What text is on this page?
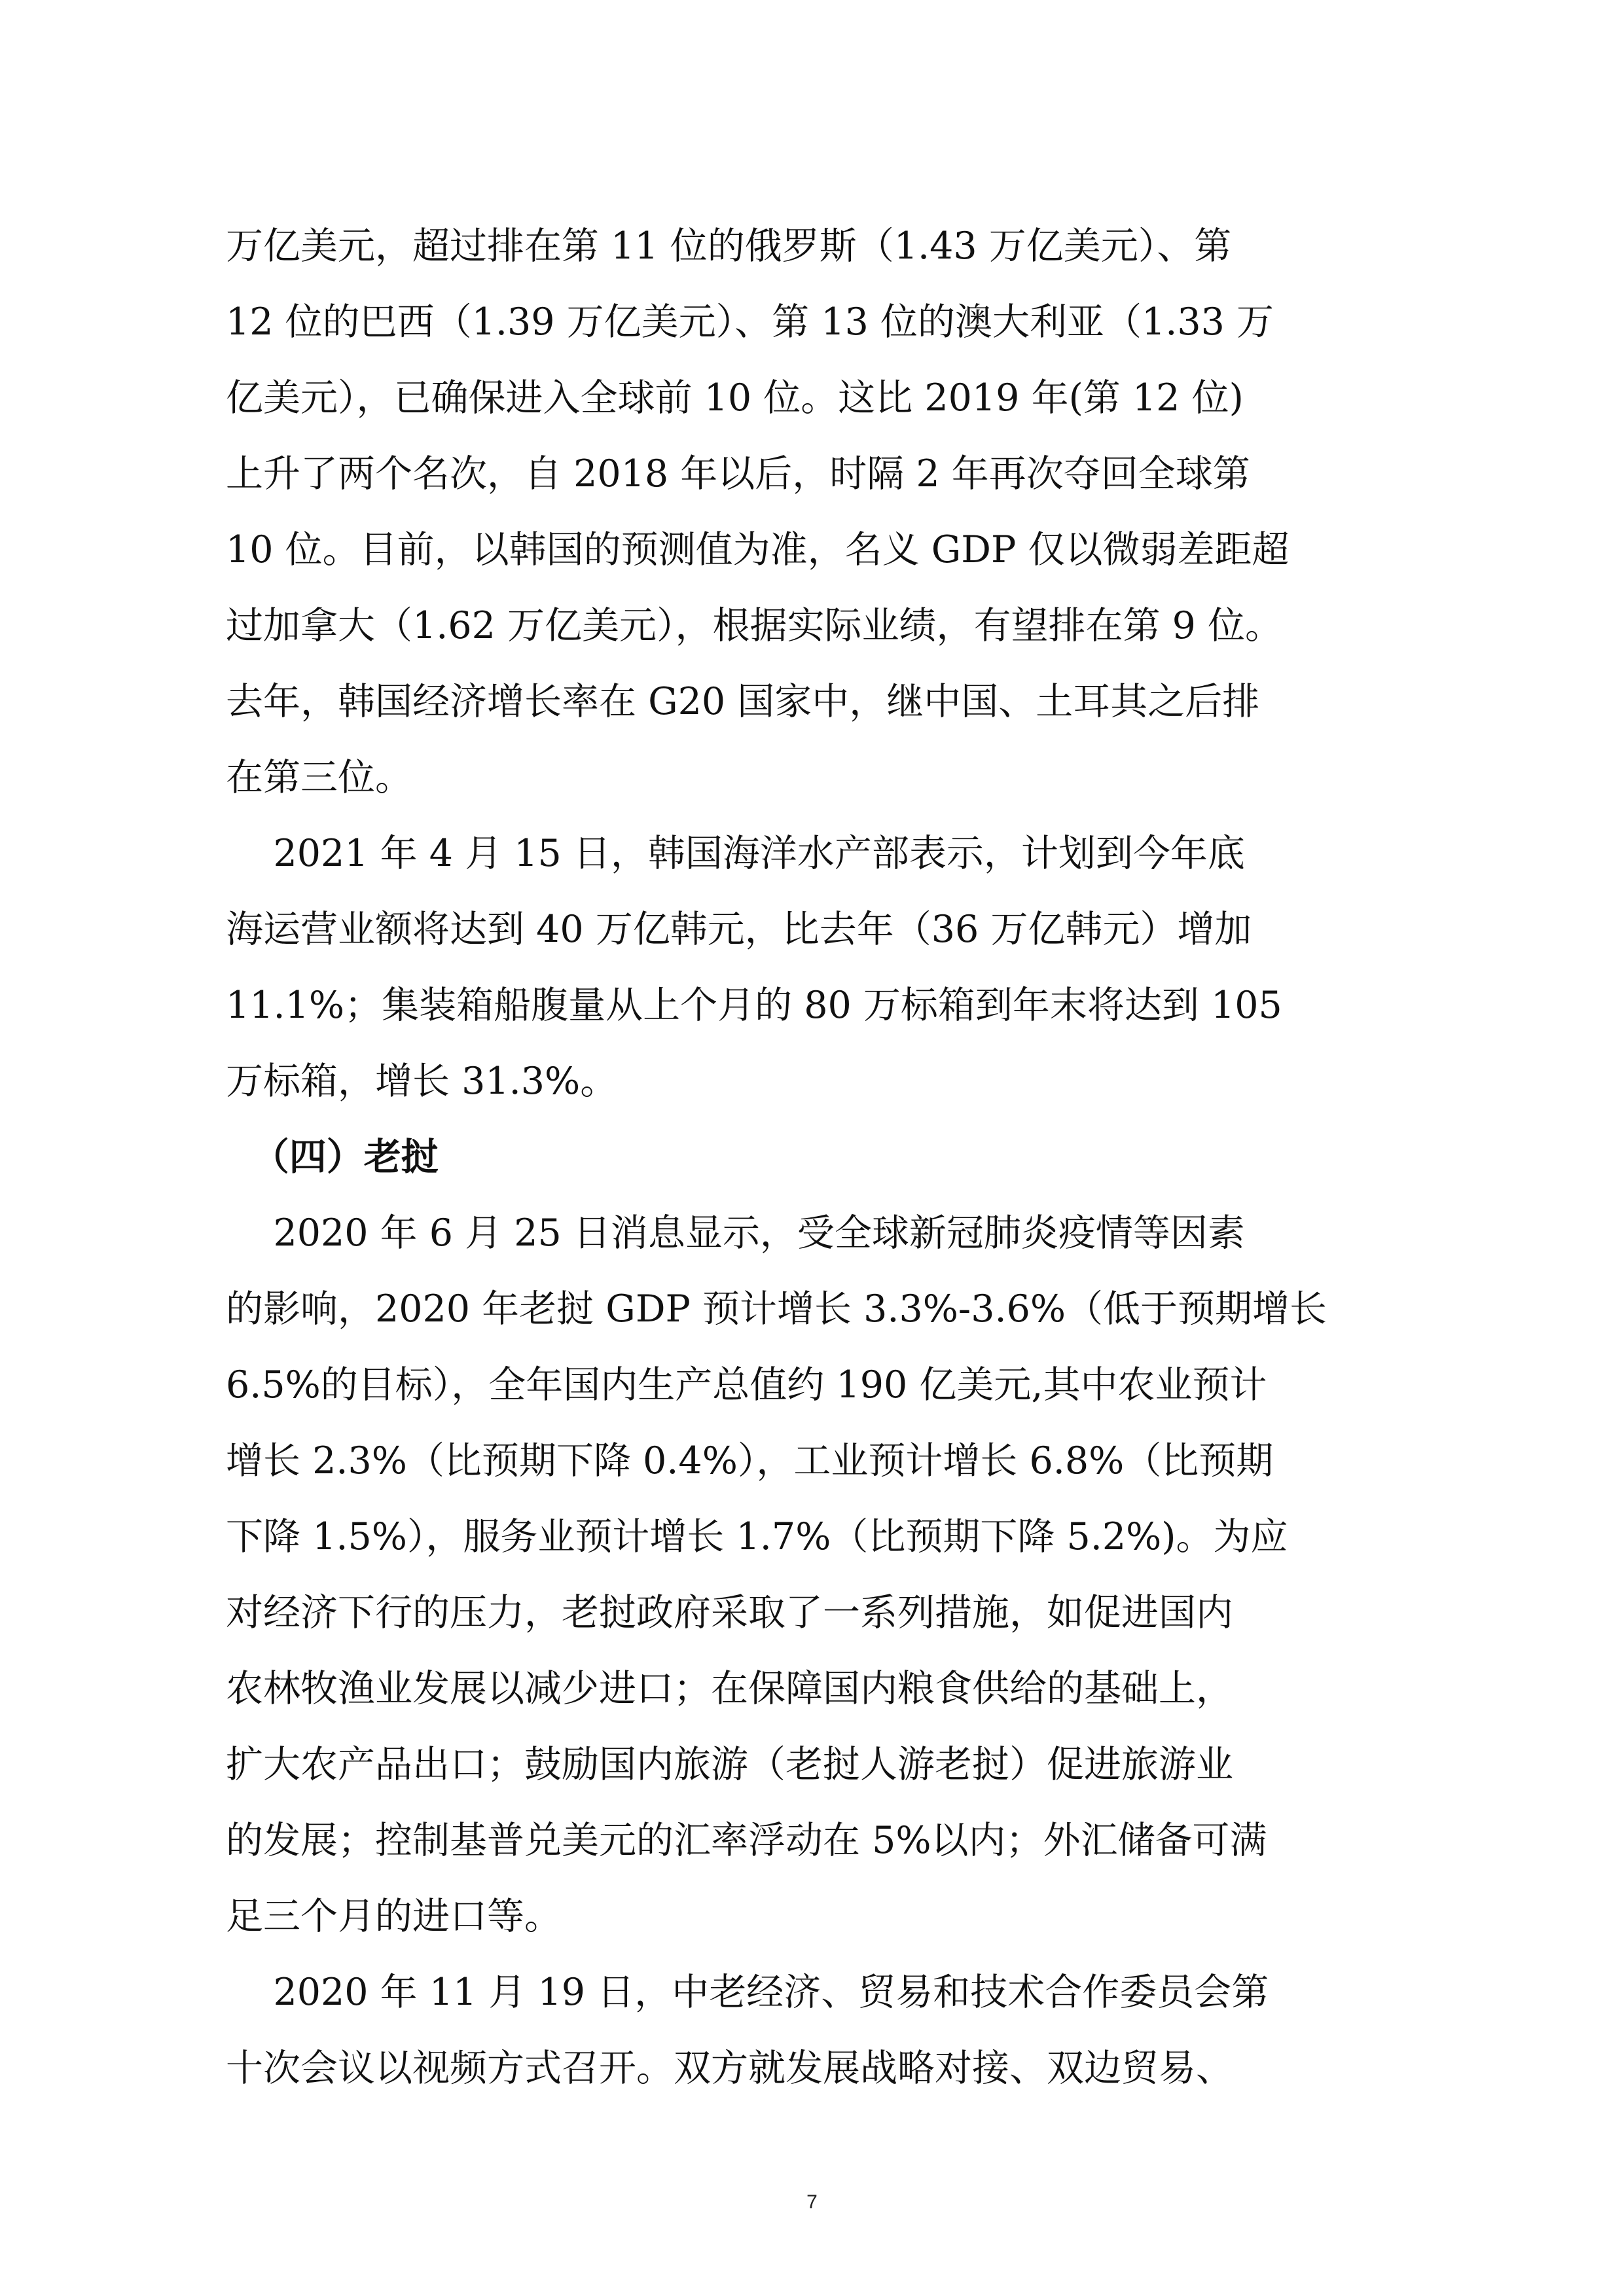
万亿美元，超过排在第 11 位的俄罗斯（1.43 万亿美元）、第
12 位的巴西（1.39 万亿美元）、第 13 位的澳大利亚（1.33 万
亿美元），已确保进入全球前 10 位。这比 2019 年(第 12 位)
上升了两个名次，自 2018 年以后，时隔 2 年再次夺回全球第
10 位。目前，以韩国的预测值为准，名义 GDP 仅以微弱差距超
过加拿大（1.62 万亿美元），根据实际业绩，有望排在第 9 位。
去年，韩国经济增长率在 G20 国家中，继中国、土耳其之后排
在第三位。
2021 年 4 月 15 日，韩国海洋水产部表示，计划到今年底
海运营业额将达到 40 万亿韩元，比去年（36 万亿韩元）增加
11.1%；集装箱船腹量从上个月的 80 万标箱到年末将达到 105
万标箱，增长 31.3%。
（四）老挝
2020 年 6 月 25 日消息显示，受全球新冠肺炎疫情等因素
的影响，2020 年老挝 GDP 预计增长 3.3%-3.6%（低于预期增长
6.5%的目标），全年国内生产总值约 190 亿美元,其中农业预计
增长 2.3%（比预期下降 0.4%），工业预计增长 6.8%（比预期
下降 1.5%），服务业预计增长 1.7%（比预期下降 5.2%)。为应
对经济下行的压力，老挝政府采取了一系列措施，如促进国内
农林牧渔业发展以减少进口；在保障国内粮食供给的基础上，
扩大农产品出口；鼓励国内旅游（老挝人游老挝）促进旅游业
的发展；控制基普兑美元的汇率浮动在 5%以内；外汇储备可满
足三个月的进口等。
2020 年 11 月 19 日，中老经济、贸易和技术合作委员会第
十次会议以视频方式召开。双方就发展战略对接、双边贸易、
7
